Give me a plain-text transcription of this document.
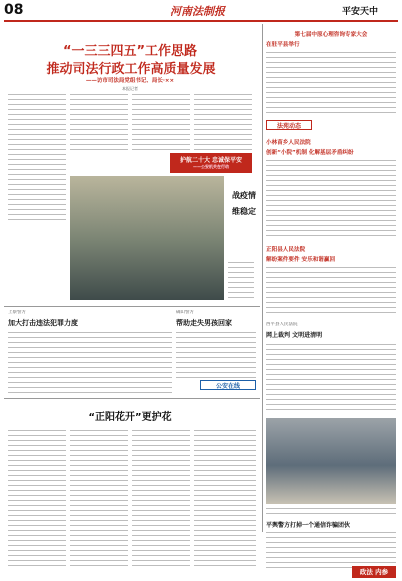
08	河南法制报	平安天中
“一三三四五”工作思路
推动司法行政工作高质量发展
——访市司法局党组书记、局长·××
本报记者
护航二十大 忠诚保平安
——公安机关在行动
战疫情
维稳定
第七届中原心理咨询专家大会
在驻平县举行
法苑动态
小林苗乡人民法院
创新“小院”机制 化解基层矛盾纠纷
正阳县人民法院
解纷案件要件 安乐和谐赢回
西平县人民法院
网上裁判 文明进清明
平舆警方打掉一个通信诈骗团伙
上蔡警方
加大打击违法犯罪力度
确山警方
帮助走失男孩回家
公安在线
“正阳花开”更护花
政法 内参
